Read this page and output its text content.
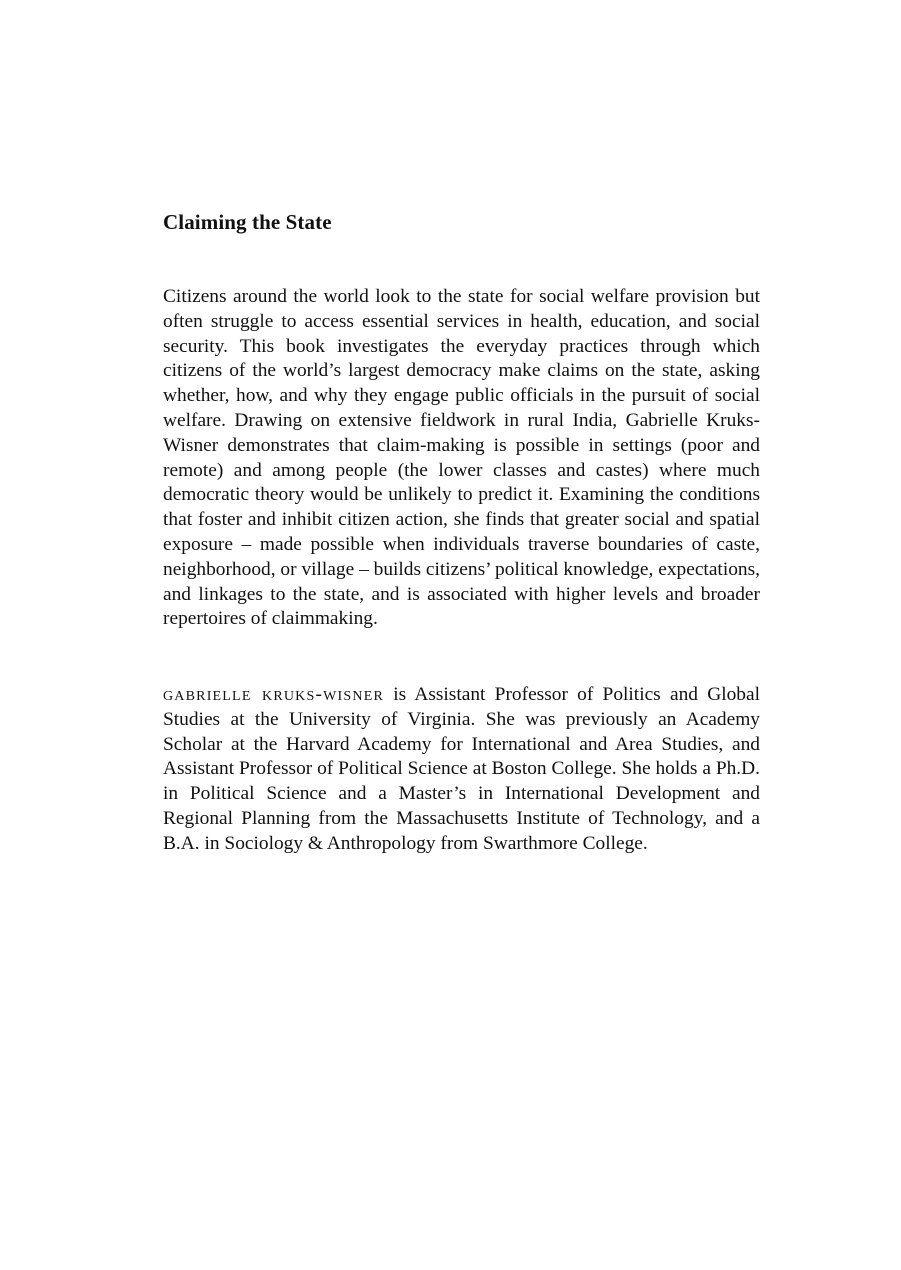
Claiming the State

Citizens around the world look to the state for social welfare provision but often struggle to access essential services in health, education, and social security. This book investigates the everyday practices through which citizens of the world’s largest democracy make claims on the state, asking whether, how, and why they engage public officials in the pursuit of social welfare. Drawing on extensive fieldwork in rural India, Gabrielle Kruks-Wisner demonstrates that claim-making is possible in settings (poor and remote) and among people (the lower classes and castes) where much democratic theory would be unlikely to predict it. Examining the conditions that foster and inhibit citizen action, she finds that greater social and spatial exposure – made possible when individuals traverse boundaries of caste, neighborhood, or village – builds citizens’ political knowledge, expectations, and linkages to the state, and is associated with higher levels and broader repertoires of claimmaking.

gabrielle kruks-wisner is Assistant Professor of Politics and Global Studies at the University of Virginia. She was previously an Academy Scholar at the Harvard Academy for International and Area Studies, and Assistant Professor of Political Science at Boston College. She holds a Ph.D. in Political Science and a Master’s in International Development and Regional Planning from the Massachusetts Institute of Technology, and a B.A. in Sociology & Anthropology from Swarthmore College.
